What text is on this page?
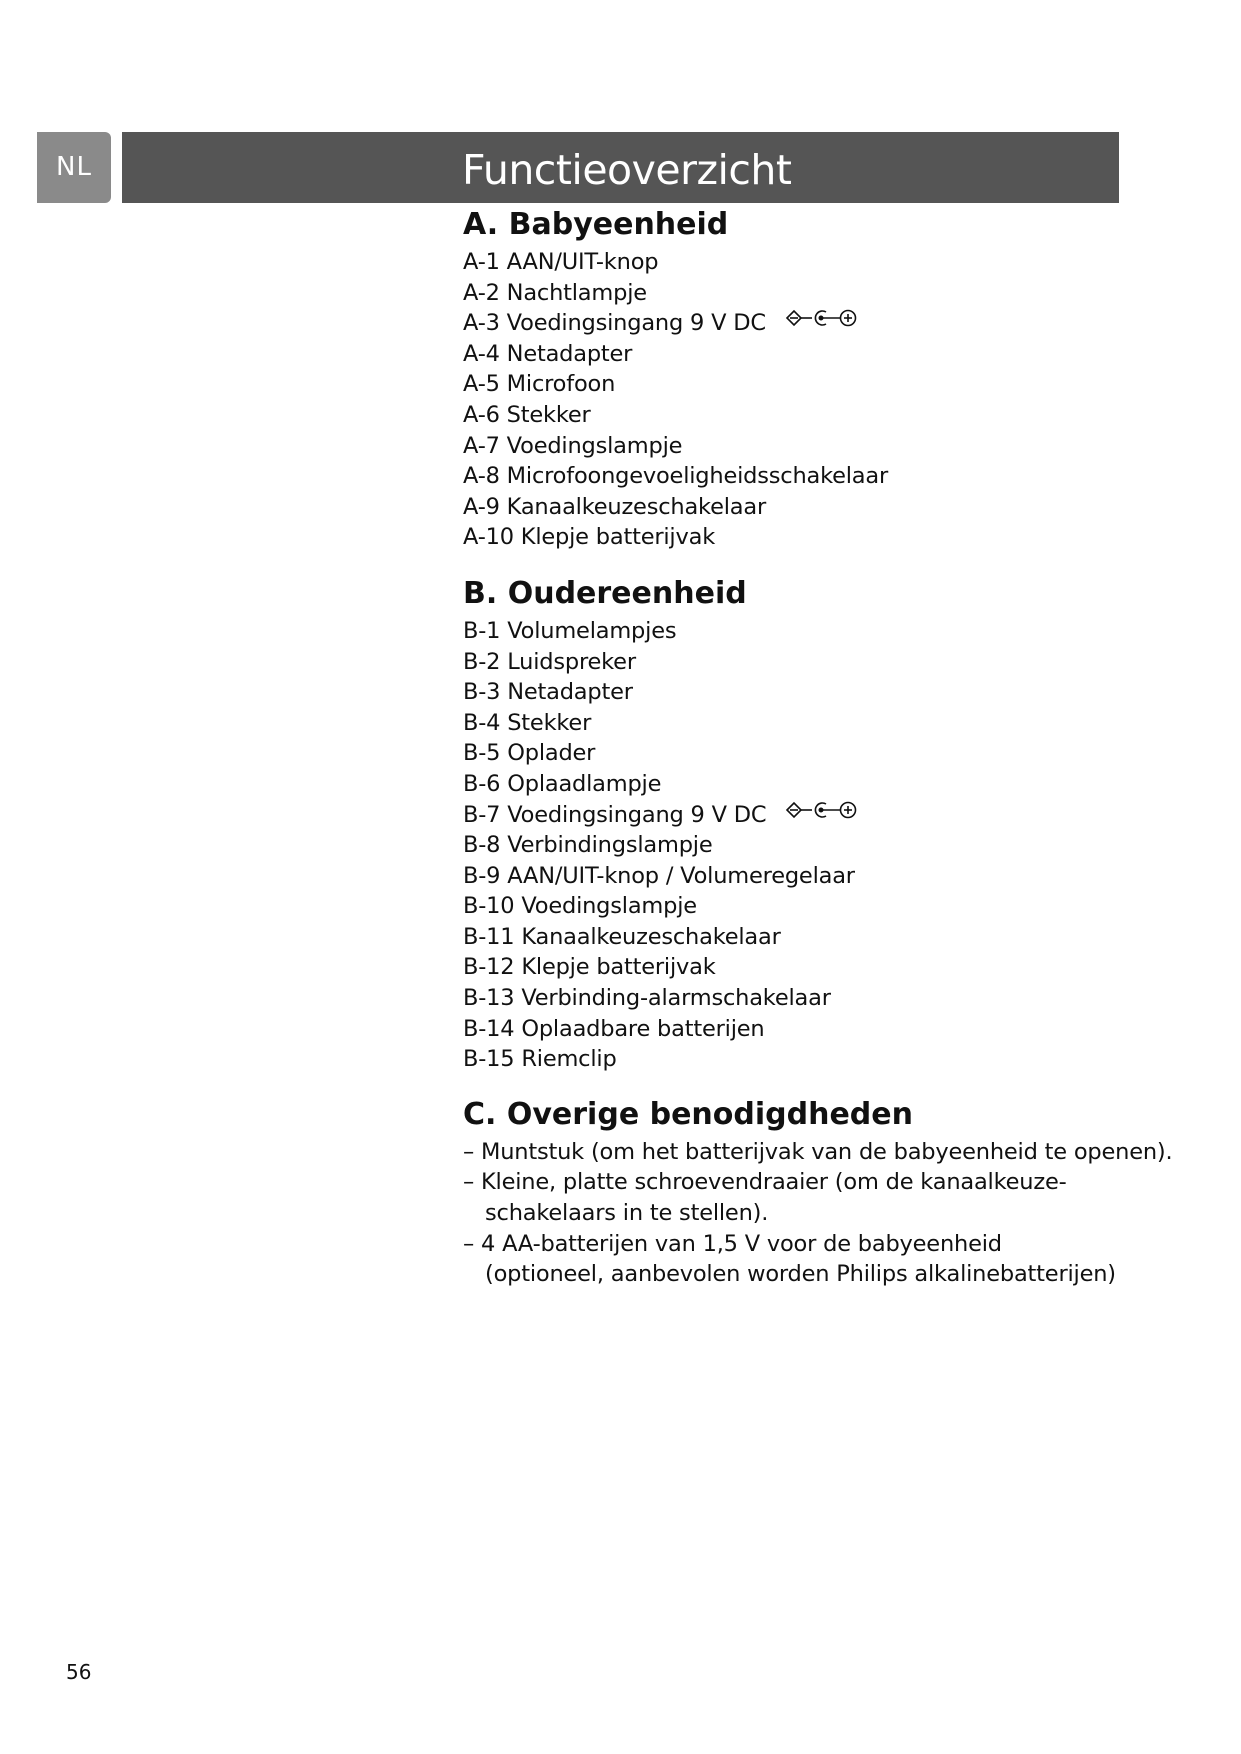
NL	Functieoverzicht
A. Babyeenheid
A-1 AAN/UIT-knop
A-2 Nachtlampje
A-3 Voedingsingang 9 V DC
A-4 Netadapter
A-5 Microfoon
A-6 Stekker
A-7 Voedingslampje
A-8 Microfoongevoeligheidsschakelaar
A-9 Kanaalkeuzeschakelaar
A-10 Klepje batterijvak
B. Oudereenheid
B-1 Volumelampjes
B-2 Luidspreker
B-3 Netadapter
B-4 Stekker
B-5 Oplader
B-6 Oplaadlampje
B-7 Voedingsingang 9 V DC
B-8 Verbindingslampje
B-9 AAN/UIT-knop / Volumeregelaar
B-10 Voedingslampje
B-11 Kanaalkeuzeschakelaar
B-12 Klepje batterijvak
B-13 Verbinding-alarmschakelaar
B-14 Oplaadbare batterijen
B-15 Riemclip
C. Overige benodigdheden
– Muntstuk (om het batterijvak van de babyeenheid te openen).
– Kleine, platte schroevendraaier (om de kanaalkeuze-
schakelaars in te stellen).
– 4 AA-batterijen van 1,5 V voor de babyeenheid
(optioneel, aanbevolen worden Philips alkalinebatterijen)
56
